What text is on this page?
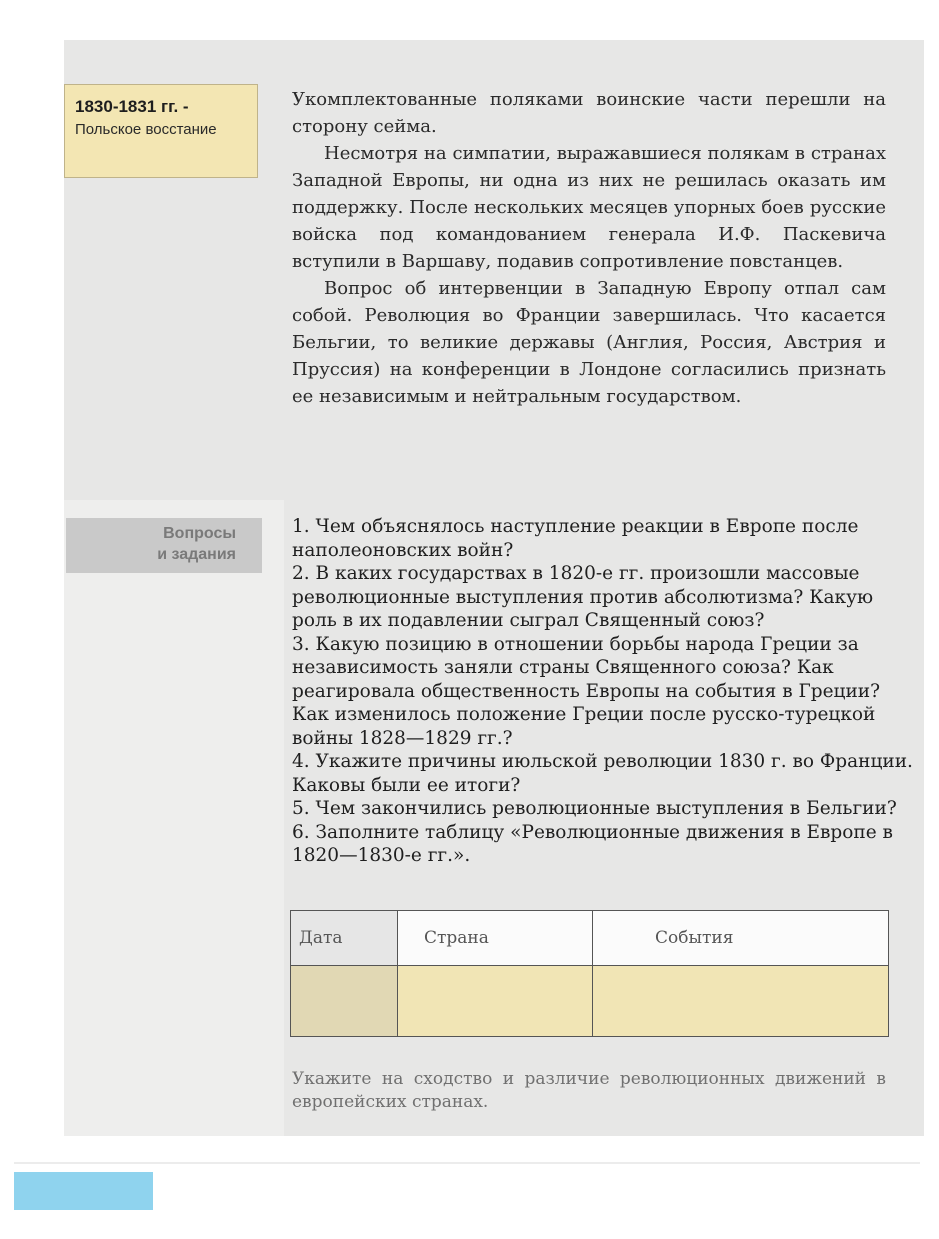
1830-1831 гг. -
Польское восстание

Укомплектованные поляками воинские части перешли на сторону сейма.

Несмотря на симпатии, выражавшиеся полякам в странах Западной Европы, ни одна из них не решилась оказать им поддержку. После нескольких месяцев упорных боев русские войска под командованием генерала И.Ф. Паскевича вступили в Варшаву, подавив сопротивление повстанцев.

Вопрос об интервенции в Западную Европу отпал сам собой. Революция во Франции завершилась. Что касается Бельгии, то великие державы (Англия, Россия, Австрия и Пруссия) на конференции в Лондоне согласились признать ее независимым и нейтральным государством.

Вопросы
и задания

1. Чем объяснялось наступление реакции в Европе после наполеоновских войн?

2. В каких государствах в 1820-е гг. произошли массовые революционные выступления против абсолютизма? Какую роль в их подавлении сыграл Священный союз?

3. Какую позицию в отношении борьбы народа Греции за независимость заняли страны Священного союза? Как реагировала общественность Европы на события в Греции? Как изменилось положение Греции после русско-турецкой войны 1828—1829 гг.?

4. Укажите причины июльской революции 1830 г. во Франции. Каковы были ее итоги?

5. Чем закончились революционные выступления в Бельгии?

6. Заполните таблицу «Революционные движения в Европе в 1820—1830-е гг.».

Дата	Страна	События

Укажите на сходство и различие революционных движений в европейских странах.
